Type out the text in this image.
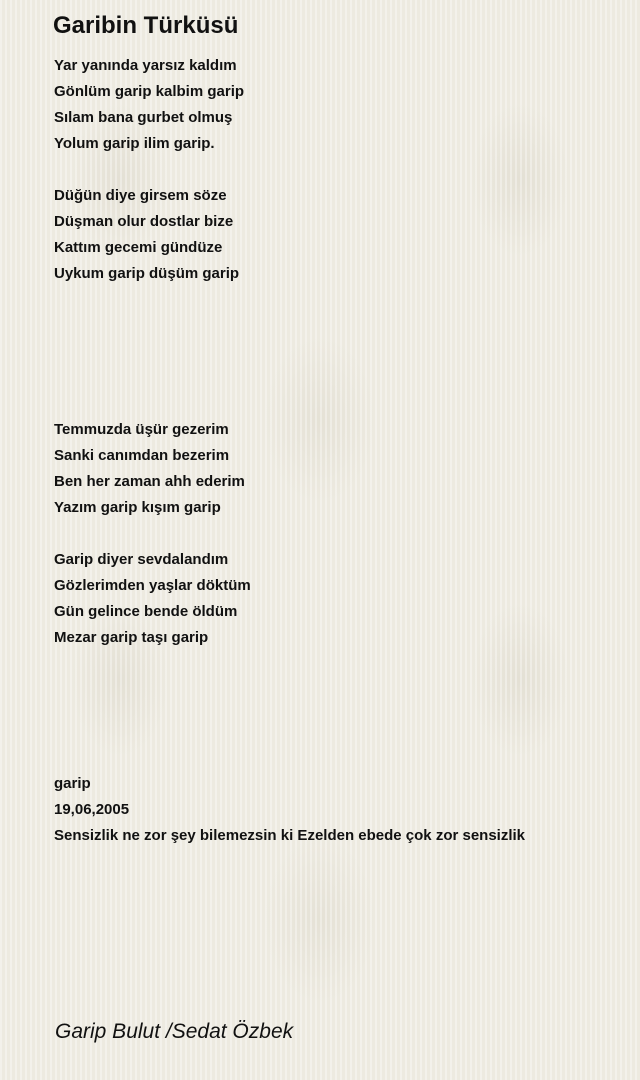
Garibin Türküsü
Yar yanında yarsız kaldım
Gönlüm garip kalbim garip
Sılam bana gurbet olmuş
Yolum garip ilim garip.
Düğün diye girsem söze
Düşman olur dostlar bize
Kattım gecemi gündüze
Uykum garip düşüm garip
Temmuzda üşür gezerim
Sanki canımdan bezerim
Ben her zaman ahh ederim
Yazım garip kışım garip
Garip diyer sevdalandım
Gözlerimden yaşlar döktüm
Gün gelince bende öldüm
Mezar garip taşı garip
garip
19,06,2005
Sensizlik ne zor şey bilemezsin ki Ezelden ebede çok zor sensizlik
Garip Bulut /Sedat Özbek
